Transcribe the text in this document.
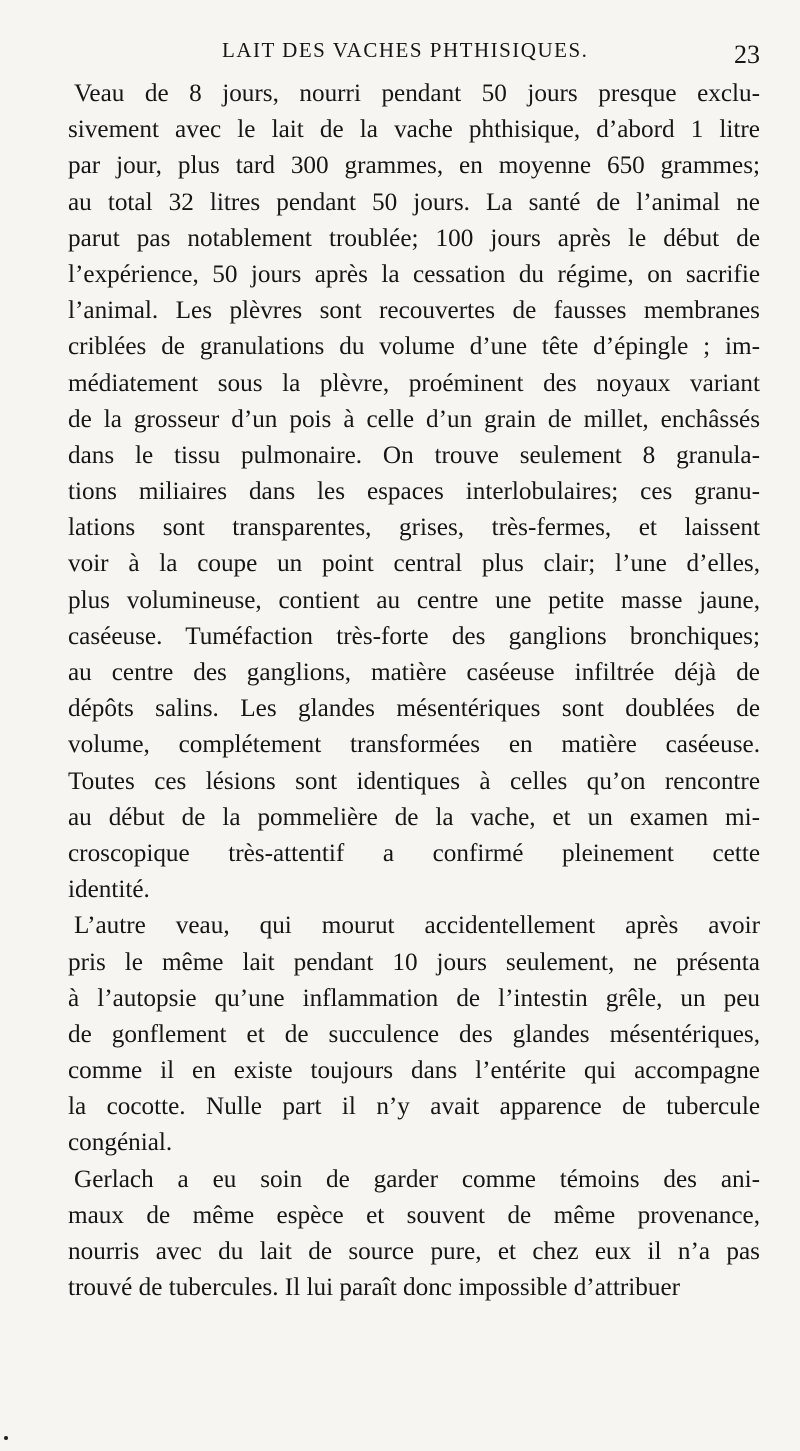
LAIT DES VACHES PHTHISIQUES.	23
Veau de 8 jours, nourri pendant 50 jours presque exclu-
sivement avec le lait de la vache phthisique, d’abord 1 litre
par jour, plus tard 300 grammes, en moyenne 650 grammes;
au total 32 litres pendant 50 jours. La santé de l’animal ne
parut pas notablement troublée; 100 jours après le début de
l’expérience, 50 jours après la cessation du régime, on sacrifie
l’animal. Les plèvres sont recouvertes de fausses membranes
criblées de granulations du volume d’une tête d’épingle ; im-
médiatement sous la plèvre, proéminent des noyaux variant
de la grosseur d’un pois à celle d’un grain de millet, enchâssés
dans le tissu pulmonaire. On trouve seulement 8 granula-
tions miliaires dans les espaces interlobulaires; ces granu-
lations sont transparentes, grises, très-fermes, et laissent
voir à la coupe un point central plus clair; l’une d’elles,
plus volumineuse, contient au centre une petite masse jaune,
caséeuse. Tuméfaction très-forte des ganglions bronchiques;
au centre des ganglions, matière caséeuse infiltrée déjà de
dépôts salins. Les glandes mésentériques sont doublées de
volume, complétement transformées en matière caséeuse.
Toutes ces lésions sont identiques à celles qu’on rencontre
au début de la pommelière de la vache, et un examen mi-
croscopique très-attentif a confirmé pleinement cette
identité.
L’autre veau, qui mourut accidentellement après avoir
pris le même lait pendant 10 jours seulement, ne présenta
à l’autopsie qu’une inflammation de l’intestin grêle, un peu
de gonflement et de succulence des glandes mésentériques,
comme il en existe toujours dans l’entérite qui accompagne
la cocotte. Nulle part il n’y avait apparence de tubercule
congénial.
Gerlach a eu soin de garder comme témoins des ani-
maux de même espèce et souvent de même provenance,
nourris avec du lait de source pure, et chez eux il n’a pas
trouvé de tubercules. Il lui paraît donc impossible d’attribuer
